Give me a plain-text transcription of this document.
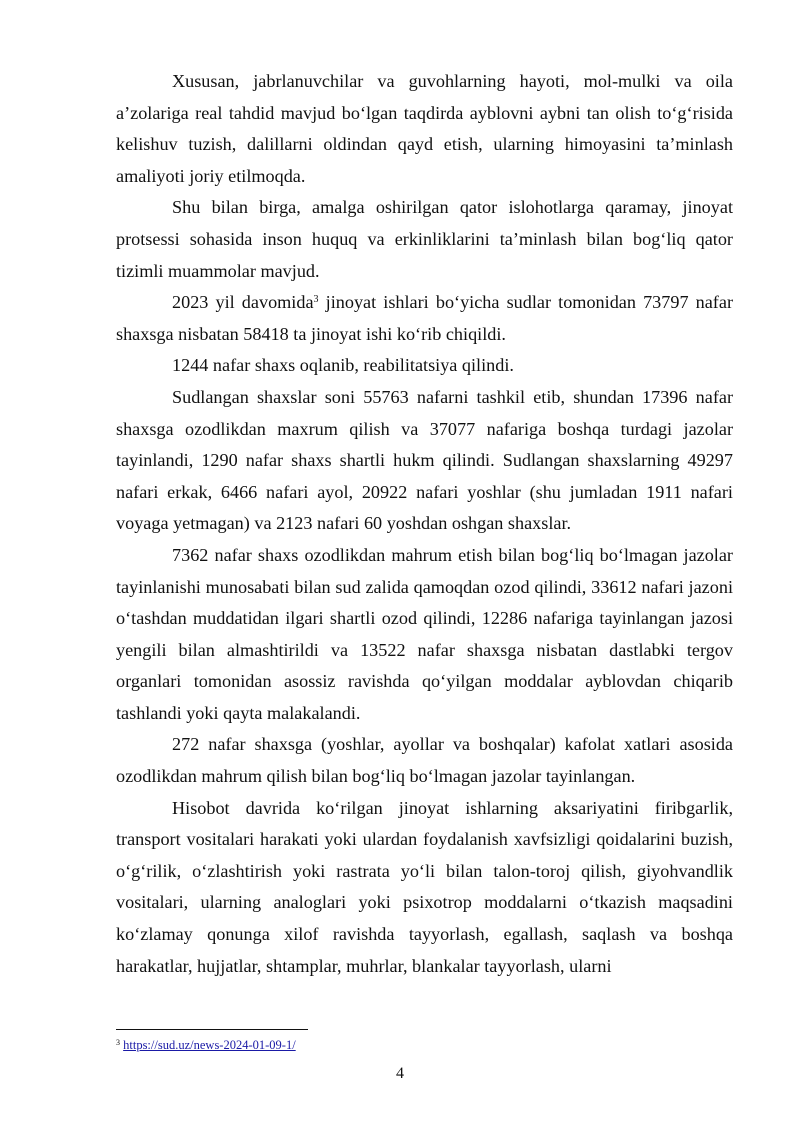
Xususan, jabrlanuvchilar va guvohlarning hayoti, mol-mulki va oila a’zolariga real tahdid mavjud bo‘lgan taqdirda ayblovni aybni tan olish to‘g‘risida kelishuv tuzish, dalillarni oldindan qayd etish, ularning himoyasini ta’minlash amaliyoti joriy etilmoqda.

Shu bilan birga, amalga oshirilgan qator islohotlarga qaramay, jinoyat protsessi sohasida inson huquq va erkinliklarini ta’minlash bilan bog‘liq qator tizimli muammolar mavjud.

2023 yil davomida$^3$ jinoyat ishlari bo‘yicha sudlar tomonidan 73797 nafar shaxsga nisbatan 58418 ta jinoyat ishi ko‘rib chiqildi.

1244 nafar shaxs oqlanib, reabilitatsiya qilindi.

Sudlangan shaxslar soni 55763 nafarni tashkil etib, shundan 17396 nafar shaxsga ozodlikdan maxrum qilish va 37077 nafariga boshqa turdagi jazolar tayinlandi, 1290 nafar shaxs shartli hukm qilindi. Sudlangan shaxslarning 49297 nafari erkak, 6466 nafari ayol, 20922 nafari yoshlar (shu jumladan 1911 nafari voyaga yetmagan) va 2123 nafari 60 yoshdan oshgan shaxslar.

7362 nafar shaxs ozodlikdan mahrum etish bilan bog‘liq bo‘lmagan jazolar tayinlanishi munosabati bilan sud zalida qamoqdan ozod qilindi, 33612 nafari jazoni o‘tashdan muddatidan ilgari shartli ozod qilindi, 12286 nafariga tayinlangan jazosi yengili bilan almashtirildi va 13522 nafar shaxsga nisbatan dastlabki tergov organlari tomonidan asossiz ravishda qo‘yilgan moddalar ayblovdan chiqarib tashlandi yoki qayta malakalandi.

272 nafar shaxsga (yoshlar, ayollar va boshqalar) kafolat xatlari asosida ozodlikdan mahrum qilish bilan bog‘liq bo‘lmagan jazolar tayinlangan.

Hisobot davrida ko‘rilgan jinoyat ishlarning aksariyatini firibgarlik, transport vositalari harakati yoki ulardan foydalanish xavfsizligi qoidalarini buzish, o‘g‘rilik, o‘zlashtirish yoki rastrata yo‘li bilan talon-toroj qilish, giyohvandlik vositalari, ularning analoglari yoki psixotrop moddalarni o‘tkazish maqsadini ko‘zlamay qonunga xilof ravishda tayyorlash, egallash, saqlash va boshqa harakatlar, hujjatlar, shtamplar, muhrlar, blankalar tayyorlash, ularni

$^3$ https://sud.uz/news-2024-01-09-1/
4
